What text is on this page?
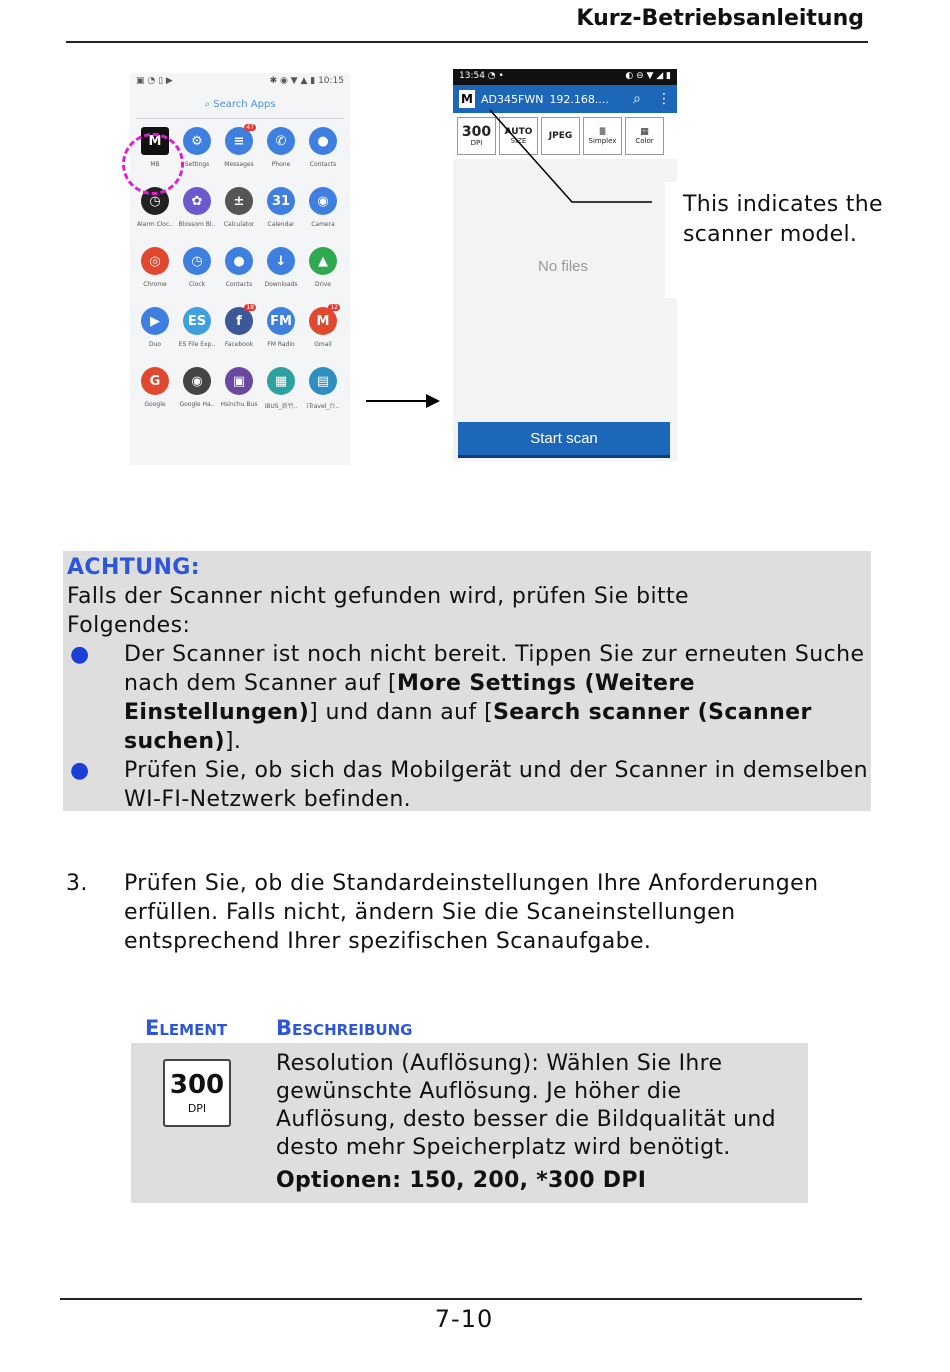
Kurz-Betriebsanleitung
▣ ◔ ▯ ▶	✱ ◉ ▼ ▲ ▮ 10:15
⌕ Search Apps
M
MB
⚙
Settings
≡
47
Messages
✆
Phone
●
Contacts
◷
Alarm Cloc..
✿
Blossom Bl..
±
Calculator
31
Calendar
◉
Camera
◎
Chrome
◷
Clock
●
Contacts
↓
Downloads
▲
Drive
▶
Duo
ES
ES File Exp..
f
18
Facebook
FM
FM Radio
M
12
Gmail
G
Google
◉
Google Ha..
▣
Hsinchu Bus
▦
iBUS_新竹..
▤
iTravel_台..
13:54 ◔ •	◐ ⊖ ▼ ◢ ▮
M AD345FWN 192.168.... ⌕ ⋮
300
DPI
AUTO
SIZE JPEG	≣
Simplex
▦
Color
No files
Start scan
This indicates the
scanner model.
ACHTUNG:
Falls der Scanner nicht gefunden wird, prüfen Sie bitte
Folgendes:
●	Der Scanner ist noch nicht bereit. Tippen Sie zur erneuten Suche nach dem Scanner auf [More Settings (Weitere Einstellungen)] und dann auf [Search scanner (Scanner suchen)].
●	Prüfen Sie, ob sich das Mobilgerät und der Scanner in demselben WI-FI-Netzwerk befinden.
3.	Prüfen Sie, ob die Standardeinstellungen Ihre Anforderungen erfüllen. Falls nicht, ändern Sie die Scaneinstellungen entsprechend Ihrer spezifischen Scanaufgabe.
Element Beschreibung
300
DPI
Resolution (Auflösung): Wählen Sie Ihre gewünschte Auflösung. Je höher die Auflösung, desto besser die Bildqualität und desto mehr Speicherplatz wird benötigt.
Optionen: 150, 200, *300 DPI
7-10
